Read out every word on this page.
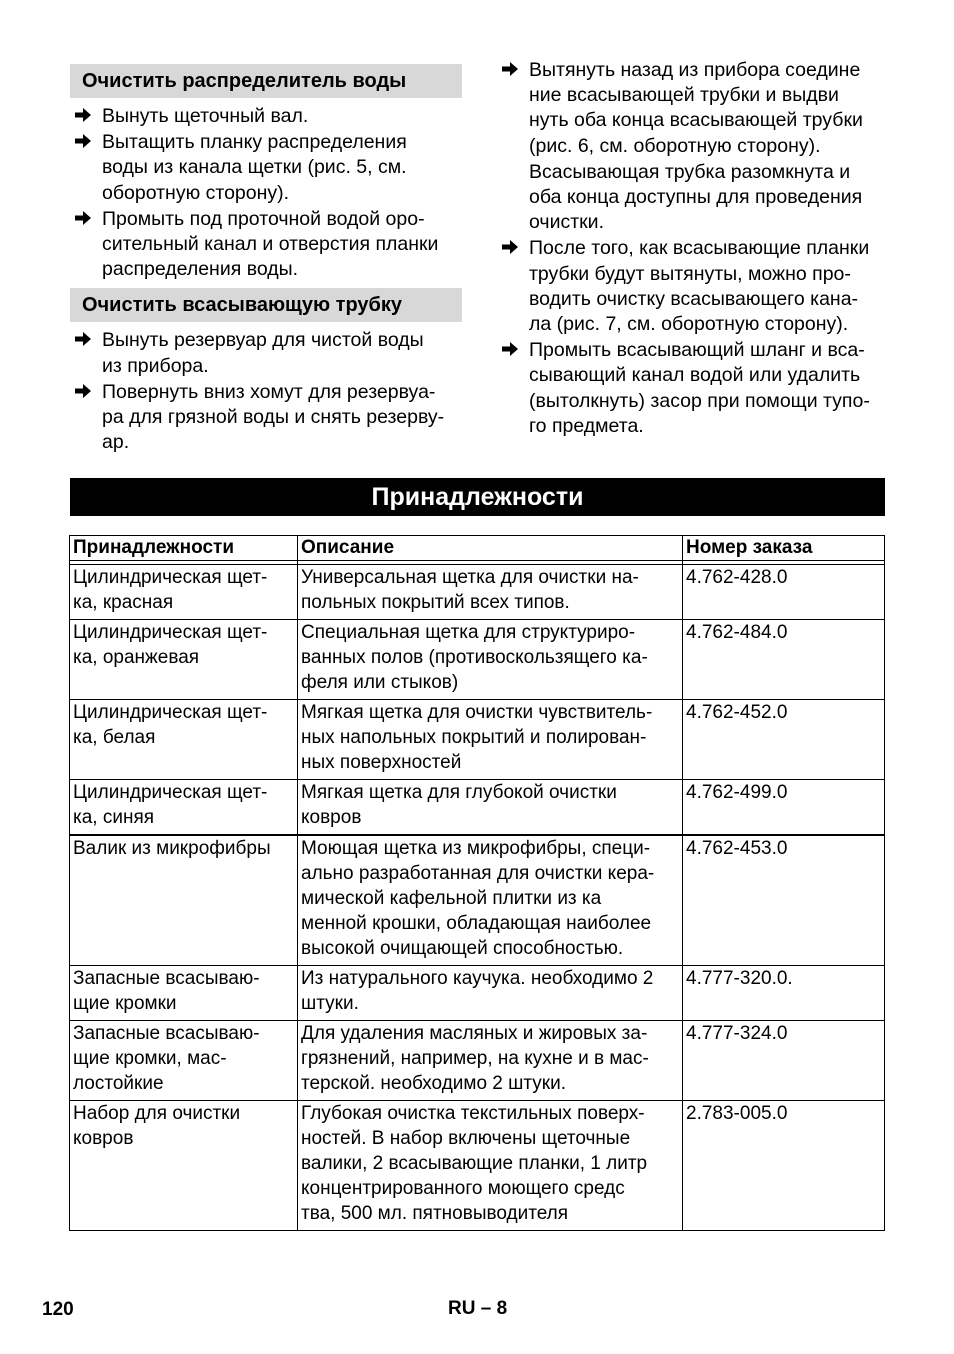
Очистить распределитель воды
Вынуть щеточный вал.
Вытащить планку распределения
воды из канала щетки (рис. 5, см.
оборотную сторону).
Промыть под проточной водой оро-
сительный канал и отверстия планки
распределения воды.
Очистить всасывающую трубку
Вынуть резервуар для чистой воды
из прибора.
Повернуть вниз хомут для резервуа-
ра для грязной воды и снять резерву-
ар.
Вытянуть назад из прибора соедине
ние всасывающей трубки и выдви
нуть оба конца всасывающей трубки
(рис. 6, см. оборотную сторону).
Всасывающая трубка разомкнута и
оба конца доступны для проведения
очистки.
После того, как всасывающие планки
трубки будут вытянуты, можно про-
водить очистку всасывающего кана-
ла (рис. 7, см. оборотную сторону).
Промыть всасывающий шланг и вса-
сывающий канал водой или удалить
(вытолкнуть) засор при помощи тупо-
го предмета.
Принадлежности
Принадлежности	Описание	Номер заказа

Цилиндрическая щет-
ка, красная	Универсальная щетка для очистки на-
польных покрытий всех типов.	4.762-428.0
Цилиндрическая щет-
ка, оранжевая	Специальная щетка для структуриро-
ванных полов (противоскользящего ка-
феля или стыков)	4.762-484.0
Цилиндрическая щет-
ка, белая	Мягкая щетка для очистки чувствитель-
ных напольных покрытий и полирован-
ных поверхностей	4.762-452.0
Цилиндрическая щет-
ка, синяя	Мягкая щетка для глубокой очистки
ковров	4.762-499.0
Валик из микрофибры	Моющая щетка из микрофибры, специ-
ально разработанная для очистки кера-
мической кафельной плитки из ка
менной крошки, обладающая наиболее
высокой очищающей способностью.	4.762-453.0
Запасные всасываю-
щие кромки	Из натурального каучука. необходимо 2
штуки.	4.777-320.0.
Запасные всасываю-
щие кромки, мас-
лостойкие	Для удаления масляных и жировых за-
грязнений, например, на кухне и в мас-
терской. необходимо 2 штуки.	4.777-324.0
Набор для очистки
ковров	Глубокая очистка текстильных поверх-
ностей. В набор включены щеточные
валики, 2 всасывающие планки, 1 литр
концентрированного моющего средс
тва, 500 мл. пятновыводителя	2.783-005.0
120	RU – 8
